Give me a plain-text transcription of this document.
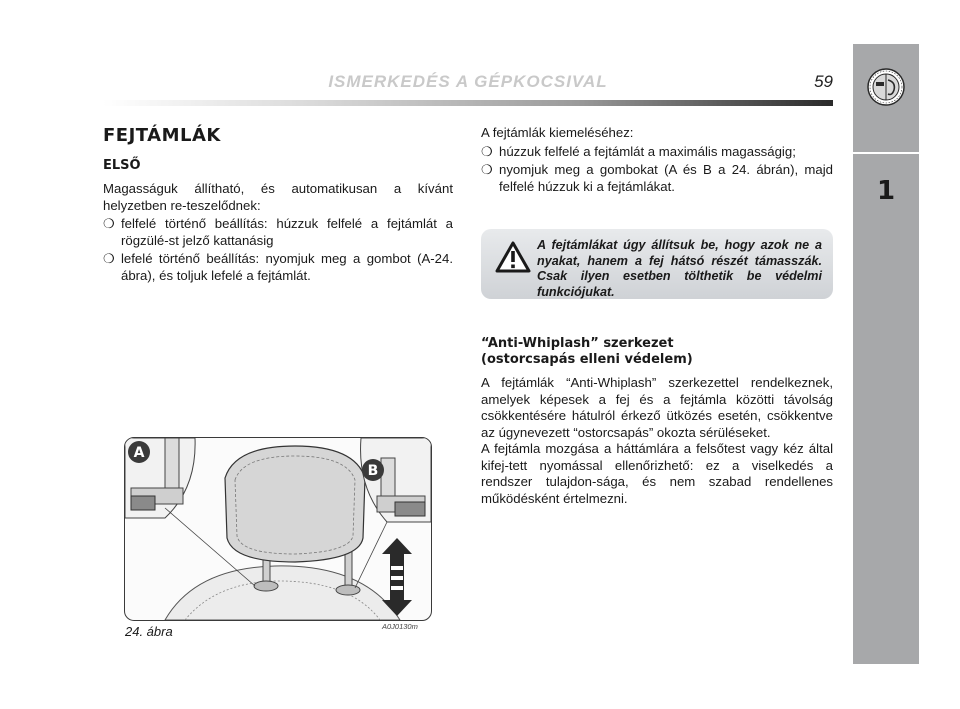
ISMERKEDÉS A GÉPKOCSIVAL	59
1
FEJTÁMLÁK
ELSŐ

Magasságuk állítható, és automatikusan a kívánt helyzetben re-teszelődnek:

❍ felfelé történő beállítás: húzzuk felfelé a fejtámlát a rögzülé-st jelző kattanásig
❍ lefelé történő beállítás: nyomjuk meg a gombot (A-24. ábra), és toljuk lefelé a fejtámlát.

A fejtámlák kiemeléséhez:

❍ húzzuk felfelé a fejtámlát a maximális magasságig;
❍ nyomjuk meg a gombokat (A és B a 24. ábrán), majd felfelé húzzuk ki a fejtámlákat.
A fejtámlákat úgy állítsuk be, hogy azok ne a nyakat, hanem a fej hátsó részét támasszák. Csak ilyen esetben tölthetik be védelmi funkciójukat.
“Anti-Whiplash” szerkezet
(ostorcsapás elleni védelem)

A fejtámlák “Anti-Whiplash” szerkezettel rendelkeznek, amelyek képesek a fej és a fejtámla közötti távolság csökkentésére hátulról érkező ütközés esetén, csökkentve az úgynevezett “ostorcsapás” okozta sérüléseket.

A fejtámla mozgása a háttámlára a felsőtest vagy kéz által kifej-tett nyomással ellenőrizhető: ez a viselkedés a rendszer tulajdon-sága, és nem szabad rendellenes működésként értelmezni.

A
B
24. ábra	A0J0130m
